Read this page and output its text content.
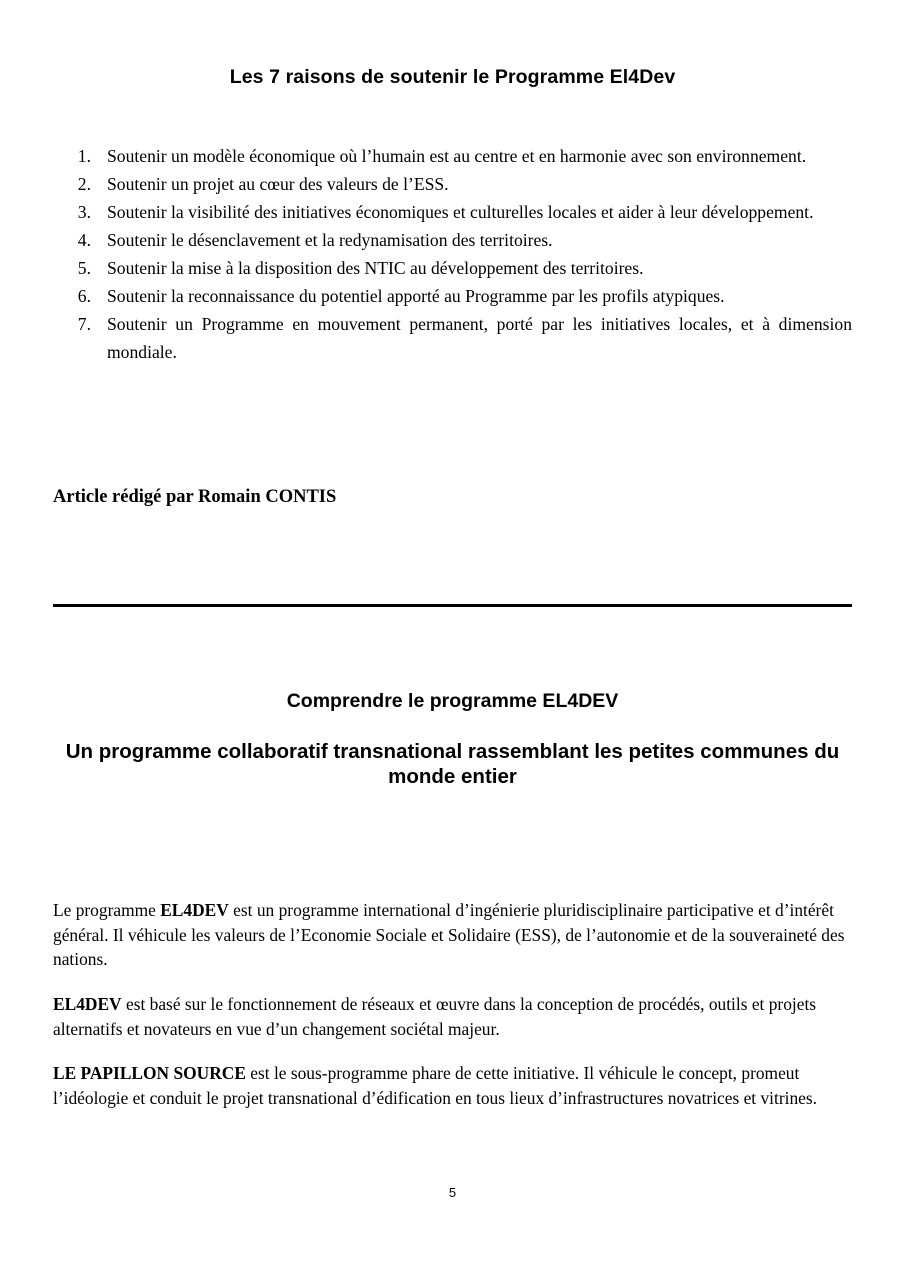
Les 7 raisons de soutenir le Programme El4Dev
1. Soutenir un modèle économique où l’humain est au centre et en harmonie avec son environnement.
2. Soutenir un projet au cœur des valeurs de l’ESS.
3. Soutenir la visibilité des initiatives économiques et culturelles locales et aider à leur développement.
4. Soutenir le désenclavement et la redynamisation des territoires.
5. Soutenir la mise à la disposition des NTIC au développement des territoires.
6. Soutenir la reconnaissance du potentiel apporté au Programme par les profils atypiques.
7. Soutenir un Programme en mouvement permanent, porté par les initiatives locales, et à dimension mondiale.
Article rédigé par Romain CONTIS
Comprendre le programme EL4DEV
Un programme collaboratif transnational rassemblant les petites communes du monde entier

Le programme EL4DEV est un programme international d’ingénierie pluridisciplinaire participative et d’intérêt général. Il véhicule les valeurs de l’Economie Sociale et Solidaire (ESS), de l’autonomie et de la souveraineté des nations.

EL4DEV est basé sur le fonctionnement de réseaux et œuvre dans la conception de procédés, outils et projets alternatifs et novateurs en vue d’un changement sociétal majeur.

LE PAPILLON SOURCE est le sous-programme phare de cette initiative. Il véhicule le concept, promeut l’idéologie et conduit le projet transnational d’édification en tous lieux d’infrastructures novatrices et vitrines.

5
